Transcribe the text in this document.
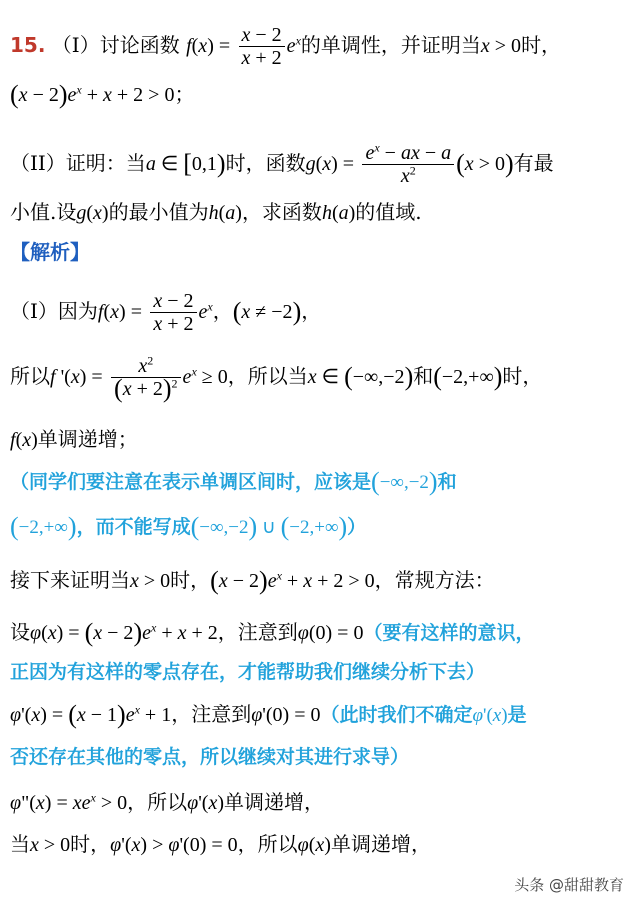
15. （I）讨论函数 $f(x) = \frac{x - 2}{x + 2} e^x$的单调性，并证明当x > 0时，
$(x - 2)e^x + x + 2 > 0$；
（II）证明：当a ∈ [0,1)时，函数$g(x) = \frac{e^x - ax - a}{x^2} (x > 0)$有最
小值.设g(x)的最小值为h(a)，求函数h(a)的值域.
【解析】
（I）因为$f(x) = \frac{x - 2}{x + 2} e^x$，(x ≠ −2)，
所以f '$(x) = \frac{x^2}{(x + 2)^2} e^x \ge 0$，所以当x ∈ (−∞,−2)和(−2,+∞)时，
f(x)单调递增；
（同学们要注意在表示单调区间时，应该是(−∞,−2)和
(−2,+∞)，而不能写成(−∞,−2) ∪ (−2,+∞)）
接下来证明当x > 0时，$(x - 2)e^x + x + 2 > 0$，常规方法：
设$\varphi(x) = (x - 2)e^x + x + 2$，注意到φ(0) = 0（要有这样的意识，
正因为有这样的零点存在，才能帮助我们继续分析下去）
$\varphi'(x) = (x - 1)e^x + 1$，注意到φ'(0) = 0（此时我们不确定φ'(x)是
否还存在其他的零点，所以继续对其进行求导）
φ"(x) = $xe^x > 0$，所以φ'(x)单调递增，
当x > 0时，φ'(x) > φ'(0) = 0，所以φ(x)单调递增，
头条 @甜甜教育
